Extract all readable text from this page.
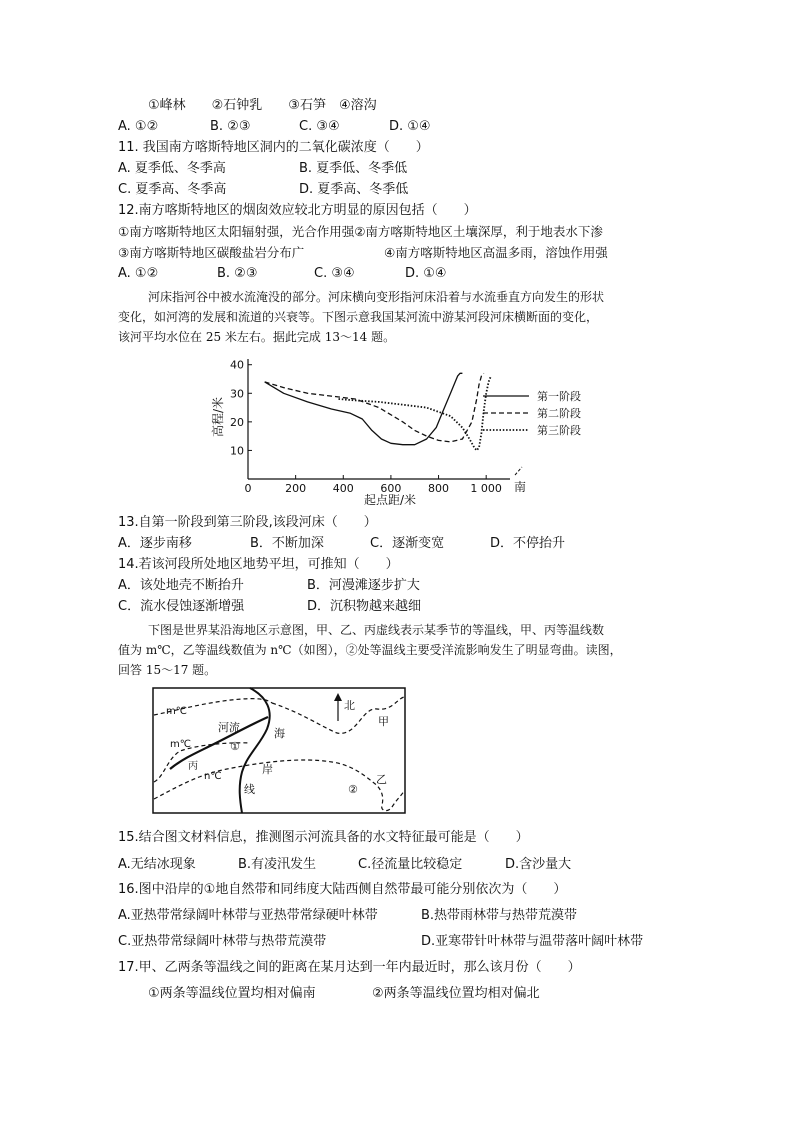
①峰林　　②石钟乳　　③石笋　④溶沟
A. ①②	B. ②③	C. ③④	D. ①④
11. 我国南方喀斯特地区洞内的二氧化碳浓度（　　）
A. 夏季低、冬季高	B. 夏季低、冬季低
C. 夏季高、冬季高	D. 夏季高、冬季低
12.南方喀斯特地区的烟囱效应较北方明显的原因包括（　　）
①南方喀斯特地区太阳辐射强，光合作用强②南方喀斯特地区土壤深厚，利于地表水下渗
③南方喀斯特地区碳酸盐岩分布广	④南方喀斯特地区高温多雨，溶蚀作用强
A. ①②	B. ②③	C. ③④	D. ①④
河床指河谷中被水流淹没的部分。河床横向变形指河床沿着与水流垂直方向发生的形状
变化，如河湾的发展和流道的兴衰等。下图示意我国某河流中游某河段河床横断面的变化，
该河平均水位在 25 米左右。据此完成 13～14 题。
10
20
30
40
0	200 400 600 800 1 000
起点距/米
高程/米
南
第一阶段
第二阶段
第三阶段
13.自第一阶段到第三阶段,该段河床（　　）
A．逐步南移	B．不断加深	C．逐渐变宽	D．不停抬升
14.若该河段所处地区地势平坦，可推知（　　）
A．该处地壳不断抬升	B．河漫滩逐步扩大
C．流水侵蚀逐渐增强	D．沉积物越来越细
下图是世界某沿海地区示意图，甲、乙、丙虚线表示某季节的等温线，甲、丙等温线数
值为 m℃，乙等温线数值为 n℃（如图），②处等温线主要受洋流影响发生了明显弯曲。读图，
回答 15～17 题。
北
m℃
河流
m℃	①
丙
n℃
海
岸
线
甲
乙
②
15.结合图文材料信息，推测图示河流具备的水文特征最可能是（　　）
A.无结冰现象	B.有凌汛发生	C.径流量比较稳定	D.含沙量大
16.图中沿岸的①地自然带和同纬度大陆西侧自然带最可能分别依次为（　　）
A.亚热带常绿阔叶林带与亚热带常绿硬叶林带	B.热带雨林带与热带荒漠带
C.亚热带常绿阔叶林带与热带荒漠带	D.亚寒带针叶林带与温带落叶阔叶林带
17.甲、乙两条等温线之间的距离在某月达到一年内最近时，那么该月份（　　）
①两条等温线位置均相对偏南	②两条等温线位置均相对偏北
